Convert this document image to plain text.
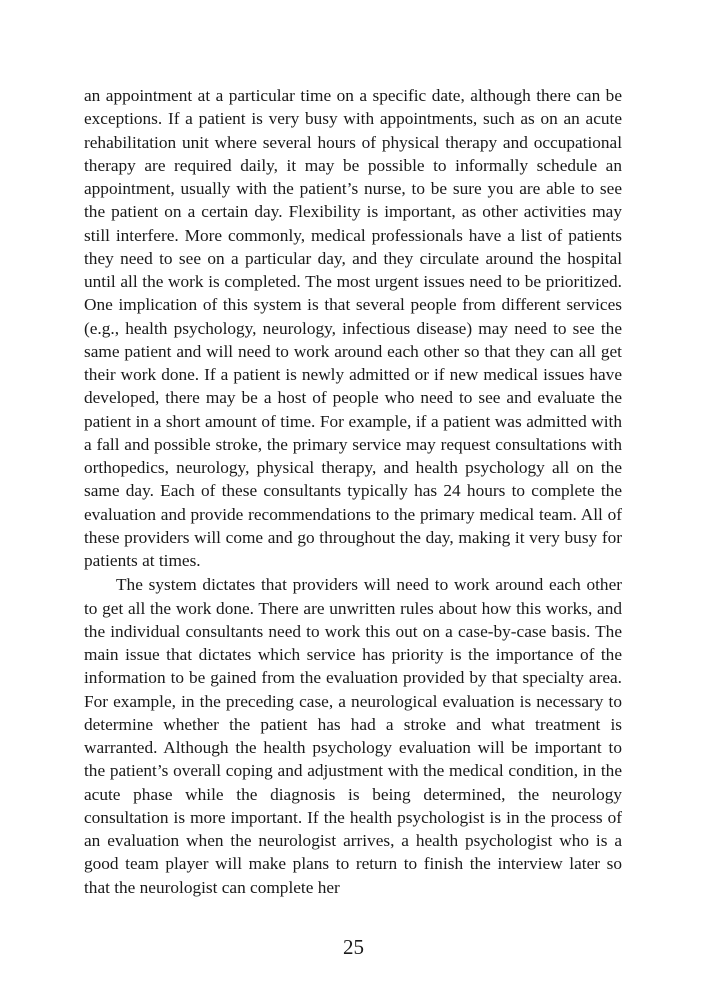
an appointment at a particular time on a specific date, although there can be exceptions. If a patient is very busy with appointments, such as on an acute rehabilitation unit where several hours of physical therapy and occupational therapy are required daily, it may be possible to informally schedule an appointment, usually with the patient’s nurse, to be sure you are able to see the patient on a certain day. Flexibility is important, as other activities may still interfere. More commonly, medical professionals have a list of patients they need to see on a particular day, and they circulate around the hospital until all the work is completed. The most urgent issues need to be prioritized. One implication of this system is that several people from different services (e.g., health psychology, neurology, infectious disease) may need to see the same patient and will need to work around each other so that they can all get their work done. If a patient is newly admitted or if new medical issues have developed, there may be a host of people who need to see and evaluate the patient in a short amount of time. For example, if a patient was admitted with a fall and possible stroke, the primary service may request consultations with orthopedics, neurology, physical therapy, and health psychology all on the same day. Each of these consultants typically has 24 hours to complete the evaluation and provide recommendations to the primary medical team. All of these providers will come and go throughout the day, making it very busy for patients at times.

The system dictates that providers will need to work around each other to get all the work done. There are unwritten rules about how this works, and the individual consultants need to work this out on a case-by-case basis. The main issue that dictates which service has priority is the importance of the information to be gained from the evaluation provided by that specialty area. For example, in the preceding case, a neurological evaluation is necessary to determine whether the patient has had a stroke and what treatment is warranted. Although the health psychology evaluation will be important to the patient’s overall coping and adjustment with the medical condition, in the acute phase while the diagnosis is being determined, the neurology consultation is more important. If the health psychologist is in the process of an evaluation when the neurologist arrives, a health psychologist who is a good team player will make plans to return to finish the interview later so that the neurologist can complete her

25
